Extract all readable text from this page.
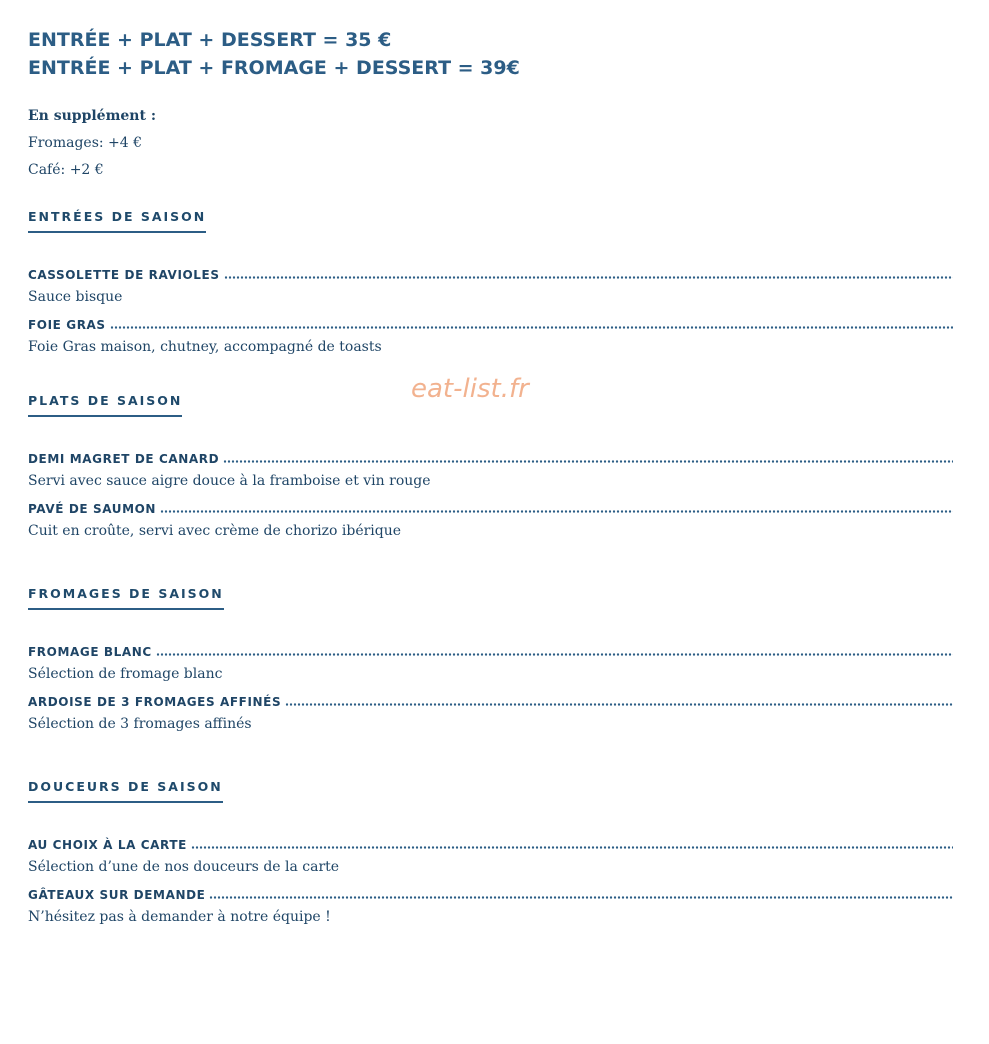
ENTRÉE + PLAT + DESSERT = 35 €
ENTRÉE + PLAT + FROMAGE + DESSERT = 39€
En supplément :
Fromages: +4 €
Café: +2 €
ENTRÉES DE SAISON
CASSOLETTE DE RAVIOLES
Sauce bisque
FOIE GRAS
Foie Gras maison, chutney, accompagné de toasts
PLATS DE SAISON
DEMI MAGRET DE CANARD
Servi avec sauce aigre douce à la framboise et vin rouge
PAVÉ DE SAUMON
Cuit en croûte, servi avec crème de chorizo ibérique
FROMAGES DE SAISON
FROMAGE BLANC
Sélection de fromage blanc
ARDOISE DE 3 FROMAGES AFFINÉS
Sélection de 3 fromages affinés
DOUCEURS DE SAISON
AU CHOIX À LA CARTE
Sélection d’une de nos douceurs de la carte
GÂTEAUX SUR DEMANDE
N’hésitez pas à demander à notre équipe !
eat-list.fr
